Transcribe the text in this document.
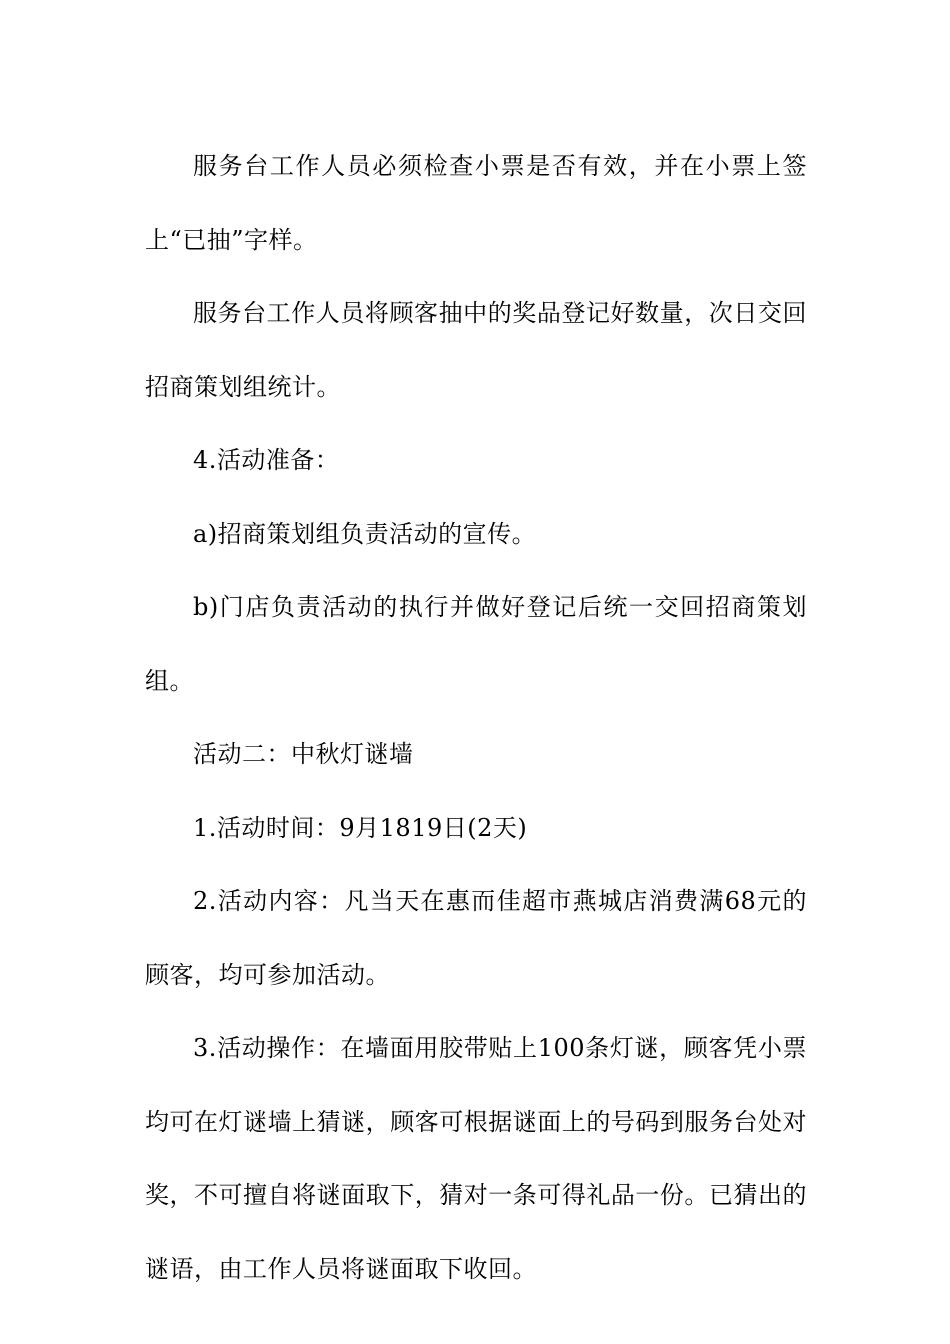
服务台工作人员必须检查小票是否有效，并在小票上签上“已抽”字样。

服务台工作人员将顾客抽中的奖品登记好数量，次日交回招商策划组统计。

4.活动准备：

a)招商策划组负责活动的宣传。

b)门店负责活动的执行并做好登记后统一交回招商策划组。

活动二：中秋灯谜墙

1.活动时间：9月1819日(2天)

2.活动内容：凡当天在惠而佳超市燕城店消费满68元的顾客，均可参加活动。

3.活动操作：在墙面用胶带贴上100条灯谜，顾客凭小票均可在灯谜墙上猜谜，顾客可根据谜面上的号码到服务台处对奖，不可擅自将谜面取下，猜对一条可得礼品一份。已猜出的谜语，由工作人员将谜面取下收回。
